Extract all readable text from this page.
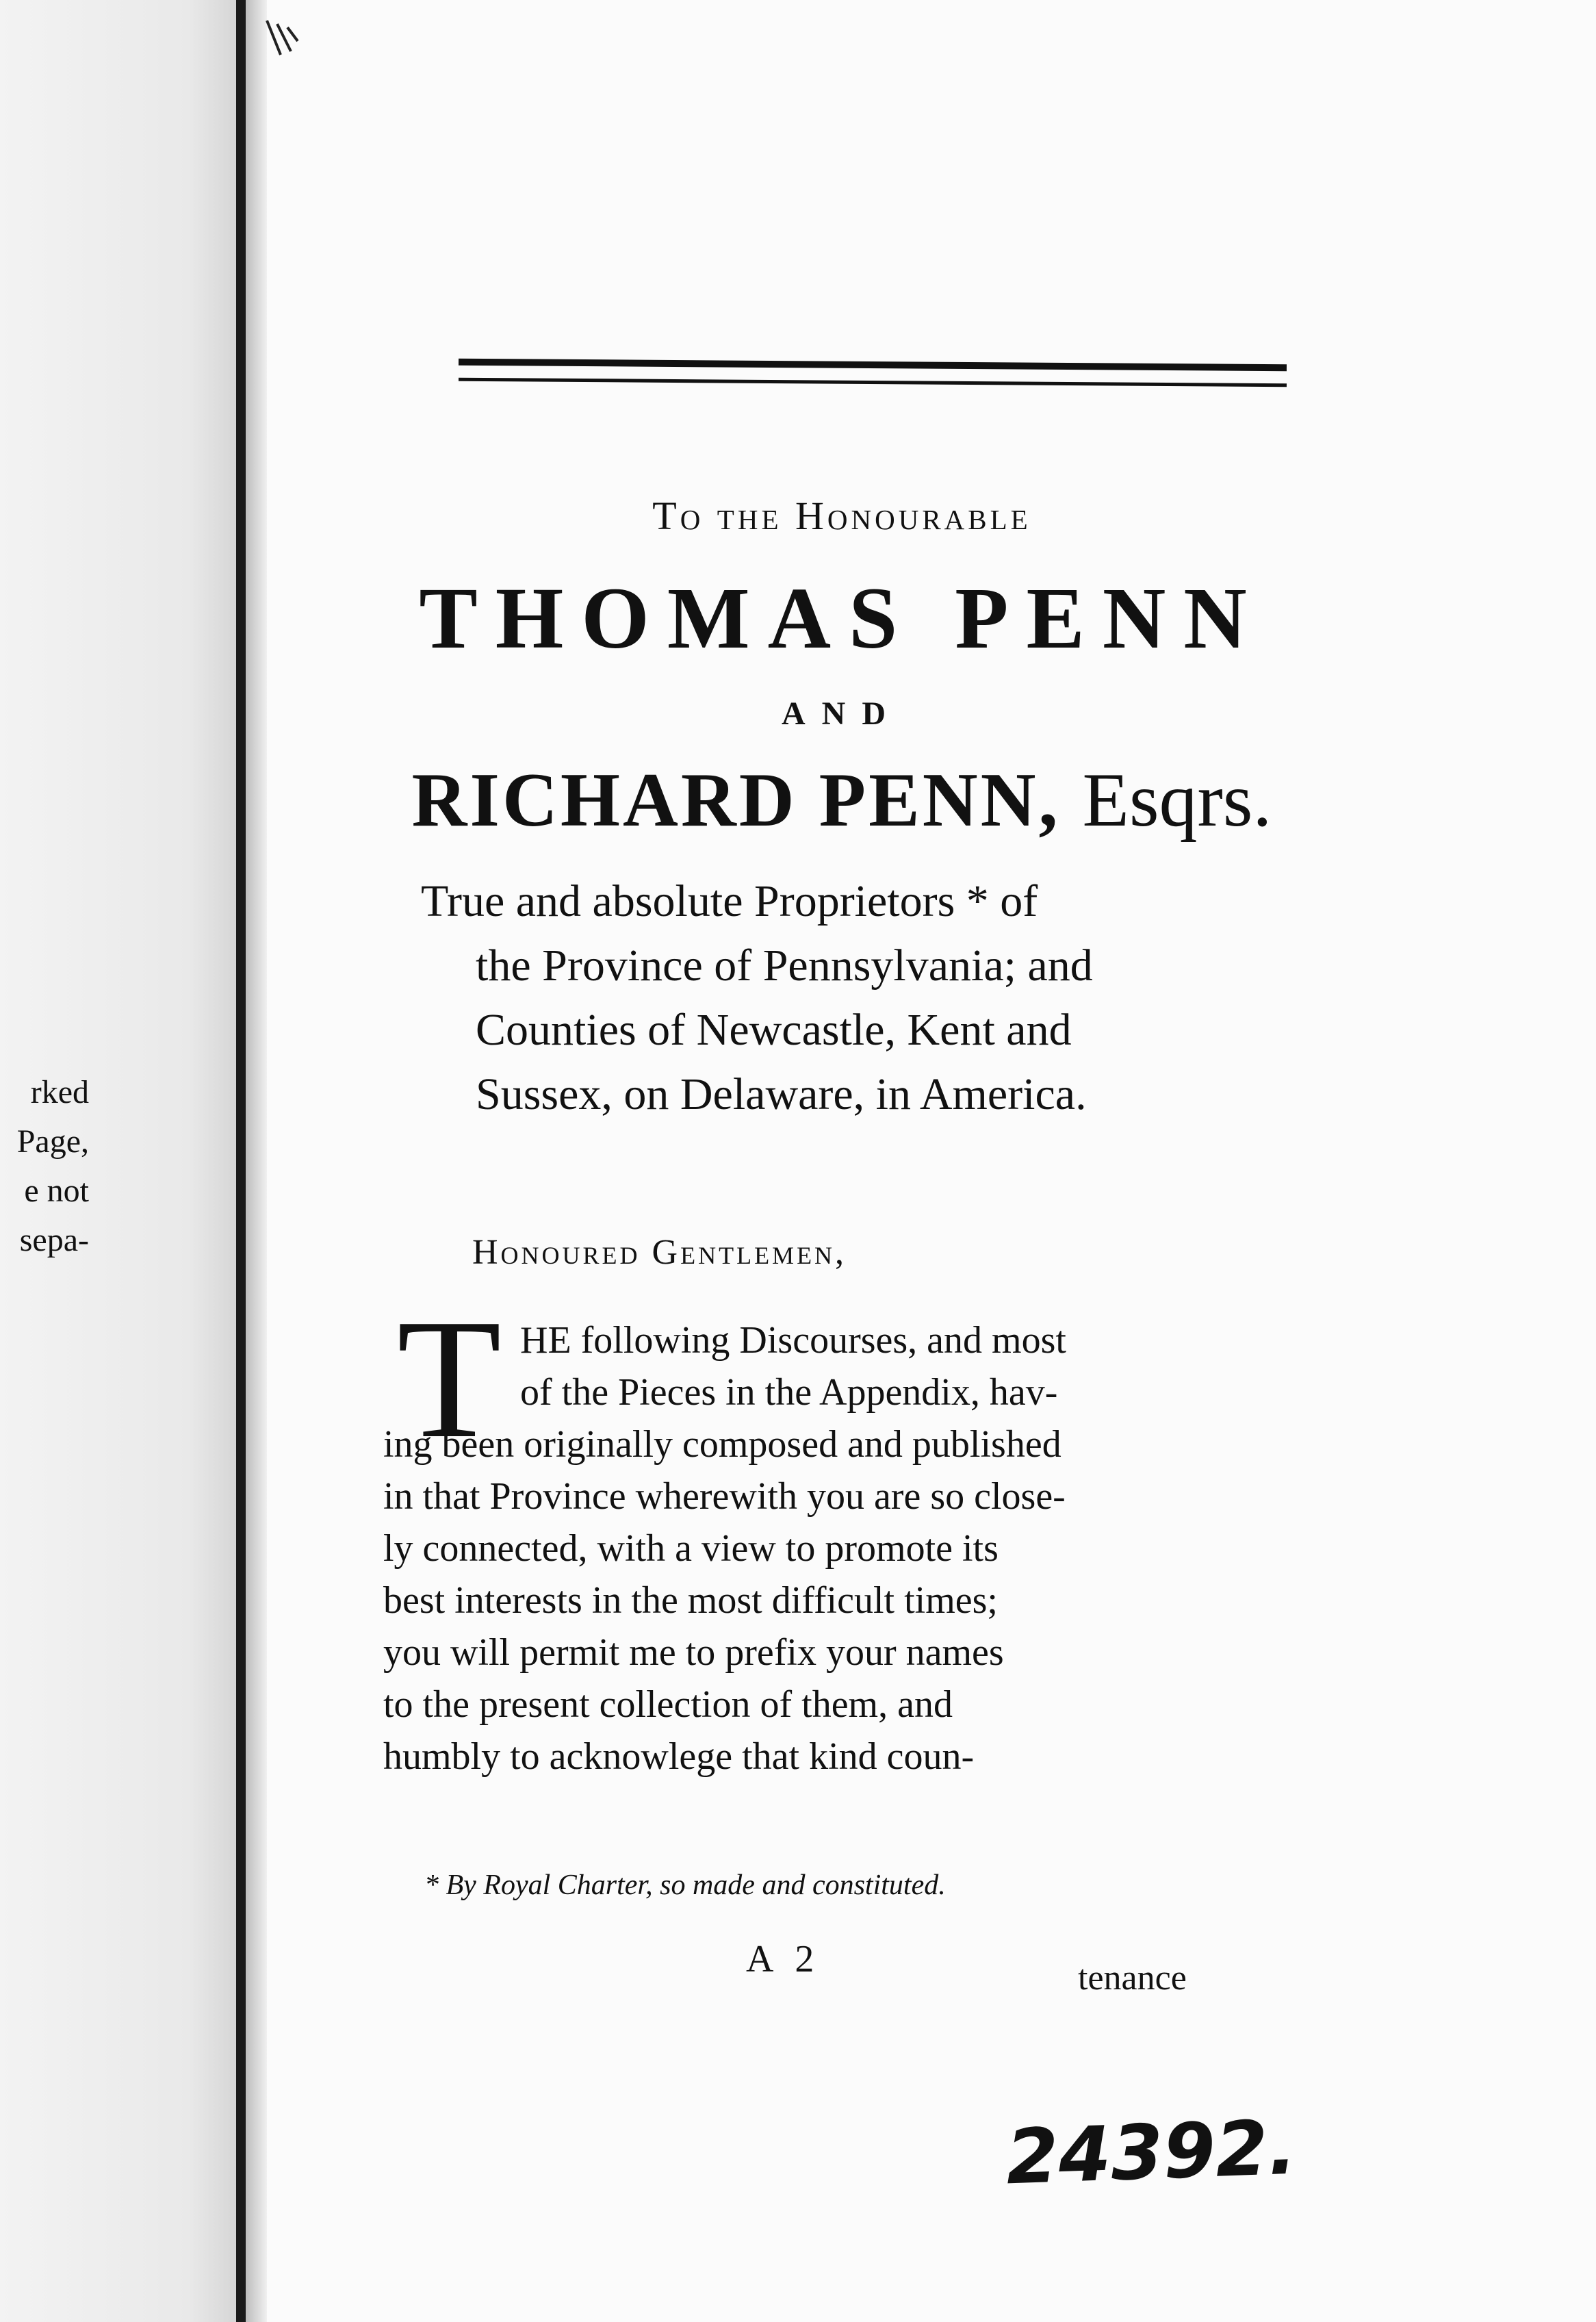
rked
Page,
e not
sepa-
To the Honourable
THOMAS PENN
AND
RICHARD PENN, Esqrs.
True and absolute Proprietors * of
the Province of Pennsylvania; and
Counties of Newcastle, Kent and
Sussex, on Delaware, in America.
Honoured Gentlemen,
T HE following Discourses, and most
of the Pieces in the Appendix, hav-
ing been originally composed and published
in that Province wherewith you are so close-
ly connected, with a view to promote its
best interests in the most difficult times;
you will permit me to prefix your names
to the present collection of them, and
humbly to acknowlege that kind coun-
* By Royal Charter, so made and constituted.
A 2	tenance
24392.
